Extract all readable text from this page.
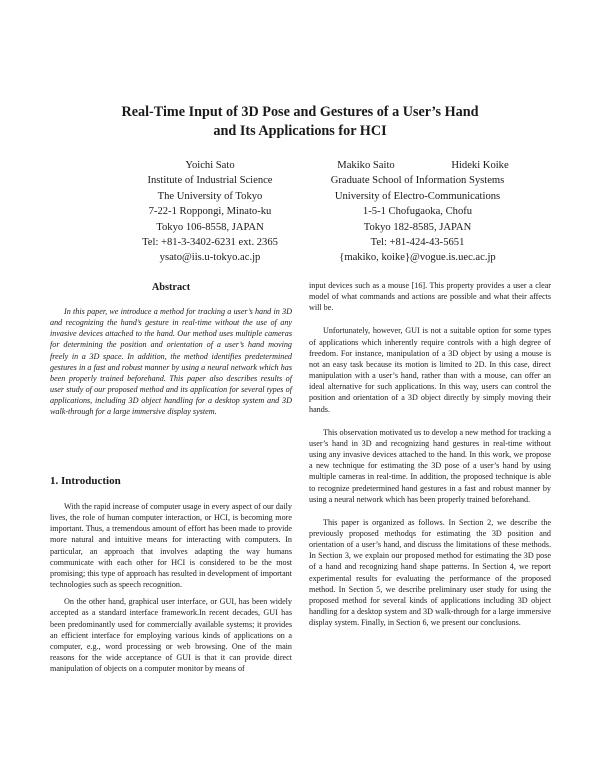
Real-Time Input of 3D Pose and Gestures of a User’s Hand
and Its Applications for HCI
Yoichi Sato
Institute of Industrial Science
The University of Tokyo
7-22-1 Roppongi, Minato-ku
Tokyo 106-8558, JAPAN
Tel: +81-3-3402-6231 ext. 2365
ysato@iis.u-tokyo.ac.jp
Makiko Saito	Hideki Koike
Graduate School of Information Systems
University of Electro-Communications
1-5-1 Chofugaoka, Chofu
Tokyo 182-8585, JAPAN
Tel: +81-424-43-5651
{makiko, koike}@vogue.is.uec.ac.jp
Abstract

In this paper, we introduce a method for tracking a user’s hand in 3D and recognizing the hand’s gesture in real-time without the use of any invasive devices attached to the hand. Our method uses multiple cameras for determining the position and orientation of a user’s hand moving freely in a 3D space. In addition, the method identifies predetermined gestures in a fast and robust manner by using a neural network which has been properly trained beforehand. This paper also describes results of user study of our proposed method and its application for several types of applications, including 3D object handling for a desktop system and 3D walk-through for a large immersive display system.

1. Introduction

With the rapid increase of computer usage in every aspect of our daily lives, the role of human computer interaction, or HCI, is becoming more important. Thus, a tremendous amount of effort has been made to provide more natural and intuitive means for interacting with computers. In particular, an approach that involves adapting the way humans communicate with each other for HCI is considered to be the most promising; this type of approach has resulted in development of important technologies such as speech recognition.

On the other hand, graphical user interface, or GUI, has been widely accepted as a standard interface framework.In recent decades, GUI has been predominantly used for commercially available systems; it provides an efficient interface for employing various kinds of applications on a computer, e.g., word processing or web browsing. One of the main reasons for the wide acceptance of GUI is that it can provide direct manipulation of objects on a computer monitor by means of

input devices such as a mouse [16]. This property provides a user a clear model of what commands and actions are possible and what their affects will be.

Unfortunately, however, GUI is not a suitable option for some types of applications which inherently require controls with a high degree of freedom. For instance, manipulation of a 3D object by using a mouse is not an easy task because its motion is limited to 2D. In this case, direct manipulation with a user’s hand, rather than with a mouse, can offer an ideal alternative for such applications. In this way, users can control the position and orientation of a 3D object directly by simply moving their hands.

This observation motivated us to develop a new method for tracking a user’s hand in 3D and recognizing hand gestures in real-time without using any invasive devices attached to the hand. In this work, we propose a new technique for estimating the 3D pose of a user’s hand by using multiple cameras in real-time. In addition, the proposed technique is able to recognize predetermined hand gestures in a fast and robust manner by using a neural network which has been properly trained beforehand.

This paper is organized as follows. In Section 2, we describe the previously proposed methodqs for estimating the 3D position and orientation of a user’s hand, and discuss the limitations of these methods. In Section 3, we explain our proposed method for estimating the 3D pose of a hand and recognizing hand shape patterns. In Section 4, we report experimental results for evaluating the performance of the proposed method. In Section 5, we describe preliminary user study for using the proposed method for several kinds of applications including 3D object handling for a desktop system and 3D walk-through for a large immersive display system. Finally, in Section 6, we present our conclusions.
